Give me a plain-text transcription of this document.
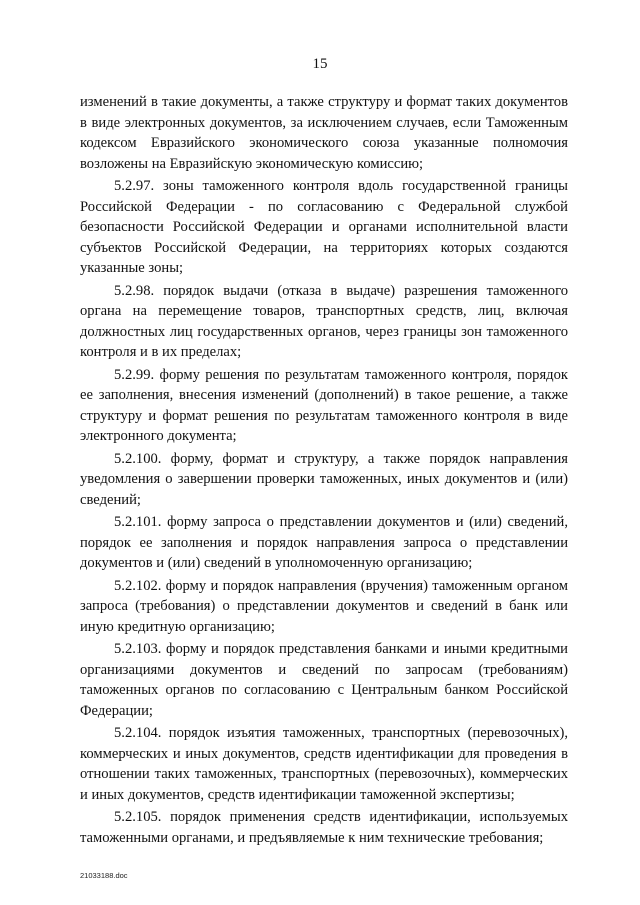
15

изменений в такие документы, а также структуру и формат таких документов в виде электронных документов, за исключением случаев, если Таможенным кодексом Евразийского экономического союза указанные полномочия возложены на Евразийскую экономическую комиссию;

5.2.97. зоны таможенного контроля вдоль государственной границы Российской Федерации - по согласованию с Федеральной службой безопасности Российской Федерации и органами исполнительной власти субъектов Российской Федерации, на территориях которых создаются указанные зоны;

5.2.98. порядок выдачи (отказа в выдаче) разрешения таможенного органа на перемещение товаров, транспортных средств, лиц, включая должностных лиц государственных органов, через границы зон таможенного контроля и в их пределах;

5.2.99. форму решения по результатам таможенного контроля, порядок ее заполнения, внесения изменений (дополнений) в такое решение, а также структуру и формат решения по результатам таможенного контроля в виде электронного документа;

5.2.100. форму, формат и структуру, а также порядок направления уведомления о завершении проверки таможенных, иных документов и (или) сведений;

5.2.101. форму запроса о представлении документов и (или) сведений, порядок ее заполнения и порядок направления запроса о представлении документов и (или) сведений в уполномоченную организацию;

5.2.102. форму и порядок направления (вручения) таможенным органом запроса (требования) о представлении документов и сведений в банк или иную кредитную организацию;

5.2.103. форму и порядок представления банками и иными кредитными организациями документов и сведений по запросам (требованиям) таможенных органов по согласованию с Центральным банком Российской Федерации;

5.2.104. порядок изъятия таможенных, транспортных (перевозочных), коммерческих и иных документов, средств идентификации для проведения в отношении таких таможенных, транспортных (перевозочных), коммерческих и иных документов, средств идентификации таможенной экспертизы;

5.2.105. порядок применения средств идентификации, используемых таможенными органами, и предъявляемые к ним технические требования;

21033188.doc
